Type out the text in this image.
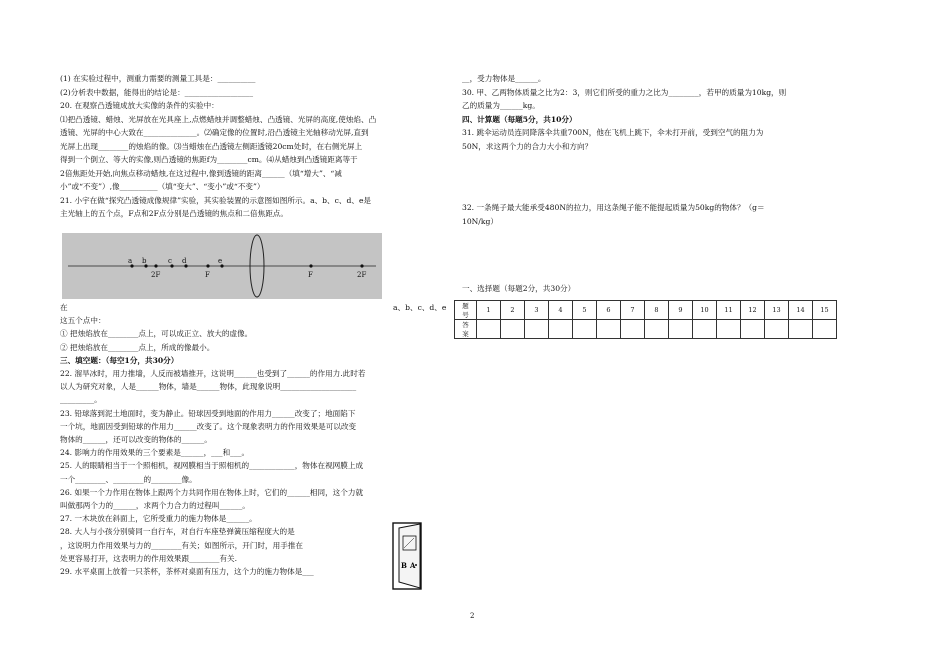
(1) 在实验过程中，测重力需要的测量工具是：__________
(2)分析表中数据，能得出的结论是：__________________
20. 在观察凸透镜成放大实像的条件的实验中：
⑴把凸透镜、蜡烛、光屏放在光具座上,点燃蜡烛并调整蜡烛、凸透镜、光屏的高度,使烛焰、凸
透镜、光屏的中心大致在______________。⑵确定像的位置时,沿凸透镜主光轴移动光屏,直到
光屏上出现________的烛焰的像。⑶当蜡烛在凸透镜左侧距透镜20cm处时，在右侧光屏上
得到一个倒立、等大的实像,则凸透镜的焦距f为________cm。⑷从蜡烛到凸透镜距离等于
2倍焦距处开始,向焦点移动蜡烛,在这过程中,像到透镜的距离______（填“增大”、“减
小”或“不变”）,像__________（填“变大”、“变小”或“不变”）
21. 小宇在做“探究凸透镜成像规律”实验，其实验装置的示意图如图所示。a、b、c、d、e是
主光轴上的五个点，F点和2F点分别是凸透镜的焦点和二倍焦距点。
在
这五个点中：
① 把烛焰放在________点上，可以成正立、放大的虚像。
② 把烛焰放在________点上，所成的像最小。
三、填空题：（每空1分，共30分）
22. 溜旱冰时，用力推墙，人反而被墙推开，这说明______也受到了______的作用力.此时若
以人为研究对象，人是______物体，墙是______物体，此现象说明____________________
_________。
23. 铅球落到泥土地面时，变为静止。铅球因受到地面的作用力______改变了；地面陷下
一个坑，地面因受到铅球的作用力______改变了。这个现象表明力的作用效果是可以改变
物体的______，还可以改变的物体的______。
24. 影响力的作用效果的三个要素是______，___和___。
25. 人的眼睛相当于一个照相机，视网膜相当于照相机的____________，物体在视网膜上成
一个________、________的________像。
26. 如果一个力作用在物体上跟两个力共同作用在物体上时，它们的______相同，这个力就
叫做那两个力的______，求两个力合力的过程叫______。
27. 一木块放在斜面上，它所受重力的施力物体是______。
28. 大人与小孩分别骑同一自行车，对自行车座垫弹簧压缩程度大的是
，这说明力作用效果与力的________有关；如图所示，开门时，用手推在
处更容易打开，这表明力的作用效果跟________有关.
29. 水平桌面上放着一只茶杯，茶杯对桌面有压力，这个力的施力物体是___
a b
2F
c d
F
e
F	2F
a、b、c、d、e
B A
__，受力物体是______。
30. 甲、乙两物体质量之比为2：3，则它们所受的重力之比为________，若甲的质量为10kg，则
乙的质量为______kg。
四、计算题（每题5分，共10分）
31. 跳伞运动员连同降落伞共重700N，他在飞机上跳下，伞未打开前，受到空气的阻力为
50N，求这两个力的合力大小和方向？
32. 一条绳子最大能承受480N的拉力，用这条绳子能不能提起质量为50kg的物体？（g＝
10N/kg）
一、选择题（每题2分，共30分）
题
号	1	2	3	4	5	6	7	8	9	10	11	12	13	14	15
答
案															
2
